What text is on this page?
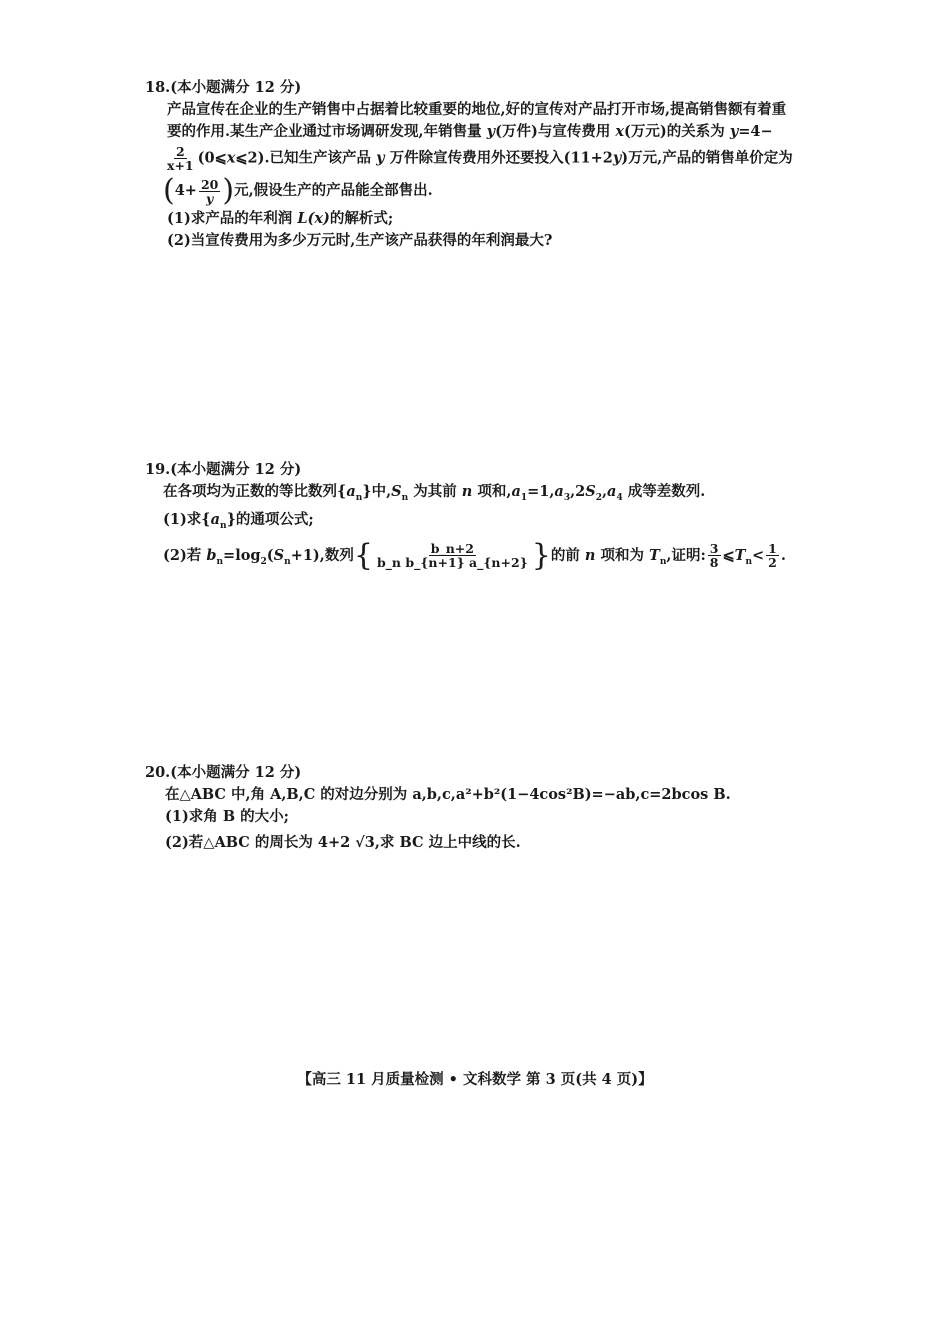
18.(本小题满分 12 分)
产品宣传在企业的生产销售中占据着比较重要的地位,好的宣传对产品打开市场,提高销售额有着重
要的作用.某生产企业通过市场调研发现,年销售量 y(万件)与宣传费用 x(万元)的关系为 y=4−
$\frac{2}{x+1}$ (0⩽x⩽2).已知生产该产品 y 万件除宣传费用外还要投入(11+2y)万元,产品的销售单价定为
($4+ \frac{20}{y}$ )元,假设生产的产品能全部售出.
(1)求产品的年利润 L(x)的解析式;
(2)当宣传费用为多少万元时,生产该产品获得的年利润最大?
19.(本小题满分 12 分)
在各项均为正数的等比数列$\{a_n\}$中$,S_n$ 为其前 n 项和$,a_1=1,a_3,2S_2,a_4$ 成等差数列.
(1)求$\{a_n\}$的通项公式;
(2)若 $b_n=\log_2(S_n+1)$,数列{ $\frac{b\_n+2}{\text{b\_n b\_\{n+1\} a\_\{n+2\}}}$ }的前 n 项和为 $T_n$,证明: $\frac{3}{8}$ $⩽T_n< \frac{1}{2}$ .
20.(本小题满分 12 分)
在△ABC 中,角 A,B,C 的对边分别为 a,b,c,a²+b²(1−4cos²B)=−ab,c=2bcos B.
(1)求角 B 的大小;
(2)若△ABC 的周长为 4+2 √3,求 BC 边上中线的长.
【高三 11 月质量检测 • 文科数学 第 3 页(共 4 页)】
